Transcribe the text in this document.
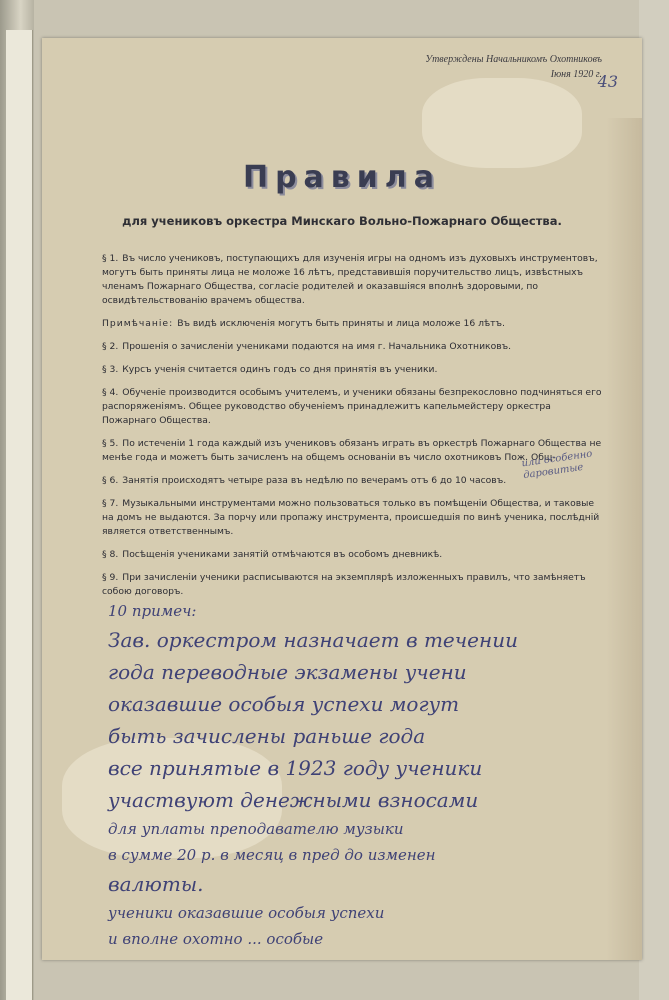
Утверждены Начальникомъ Охотниковъ
Іюня 1920 г.
43
Правила
для учениковъ оркестра Минскаго Вольно-Пожарнаго Общества.
§ 1. Въ число учениковъ, поступающихъ для изученія игры на одномъ изъ духовыхъ инструментовъ, могутъ быть приняты лица не моложе 16 лѣтъ, представившія поручительство лицъ, извѣстныхъ членамъ Пожарнаго Общества, согласіе родителей и оказавшіяся вполнѣ здоровыми, по освидѣтельствованію врачемъ общества.
Примѣчаніе: Въ видѣ исключенія могутъ быть приняты и лица моложе 16 лѣтъ.
§ 2. Прошенія о зачисленіи учениками подаются на имя г. Начальника Охотниковъ.
§ 3. Курсъ ученія считается одинъ годъ со дня принятія въ ученики.
§ 4. Обученіе производится особымъ учителемъ, и ученики обязаны безпрекословно подчиняться его распоряженіямъ. Общее руководство обученіемъ принадлежитъ капельмейстеру оркестра Пожарнаго Общества.
§ 5. По истеченіи 1 года каждый изъ учениковъ обязанъ играть въ оркестрѣ Пожарнаго Общества не менѣе года и можетъ быть зачисленъ на общемъ основаніи въ число охотниковъ Пож. Общ-
§ 6. Занятія происходятъ четыре раза въ недѣлю по вечерамъ отъ 6 до 10 часовъ.
§ 7. Музыкальными инструментами можно пользоваться только въ помѣщеніи Общества, и таковые на домъ не выдаются. За порчу или пропажу инструмента, происшедшія по винѣ ученика, послѣдній является ответственнымъ.
§ 8. Посѣщенія учениками занятій отмѣчаются въ особомъ дневникѣ.
§ 9. При зачисленіи ученики расписываются на экземплярѣ изложенныхъ правилъ, что замѣняетъ собою договоръ.
или особенно даровитые
10 примеч:
Зав. оркестром назначает в течении
года переводные экзамены учени
оказавшие особыя успехи могут
быть зачислены раньше года
все принятые в 1923 году ученики
участвуют денежными взносами
для уплаты преподавателю музыки
в сумме 20 р. в месяц в пред до изменен
валюты.
ученики оказавшие особыя успехи
и вполне охотно ... особые
